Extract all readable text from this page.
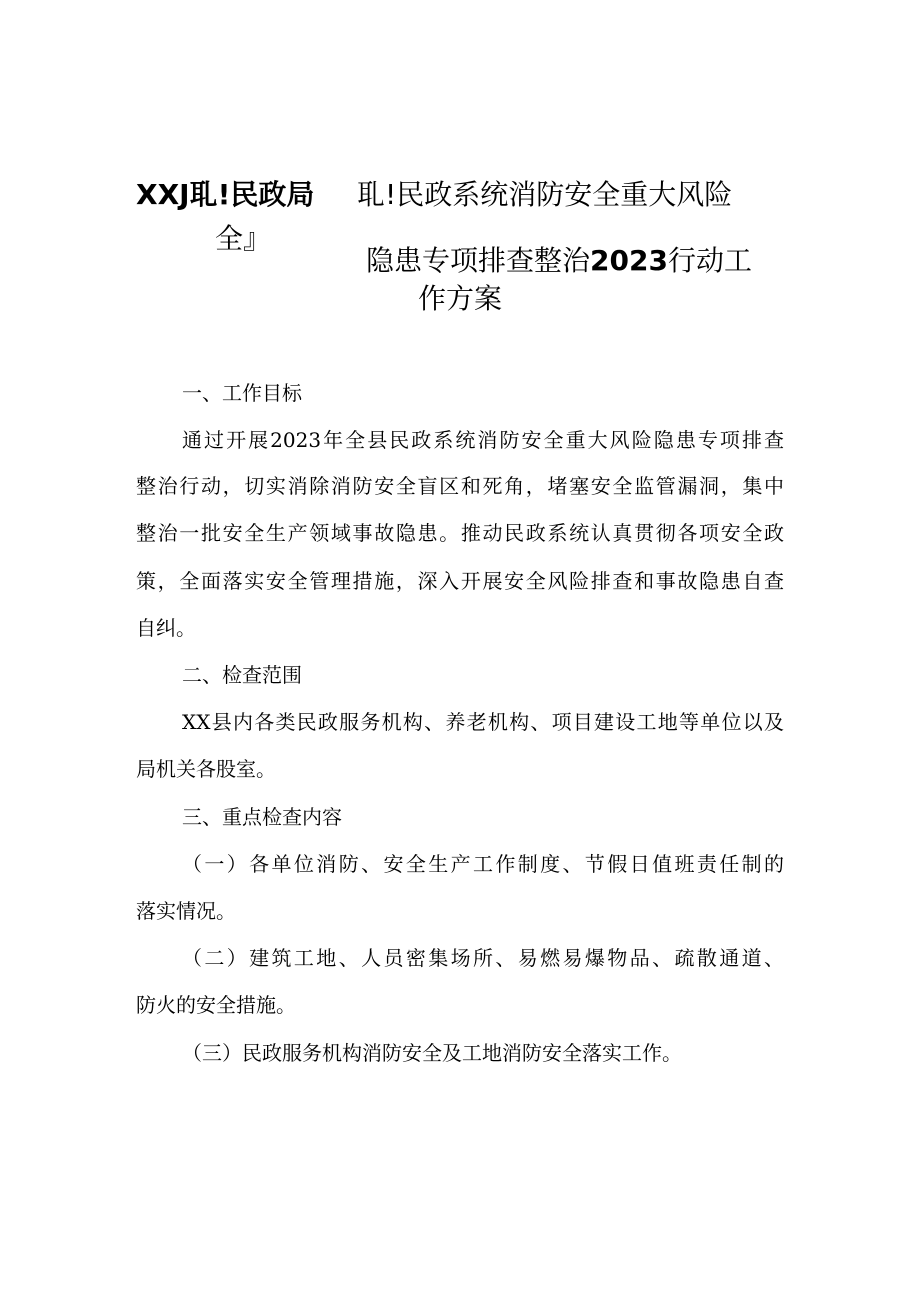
XXJ耴!民政局
全』
耴!民政系统消防安全重大风险
隐患专项排查整治2023行动工
作方案
一、工作目标
通过开展2023年全县民政系统消防安全重大风险隐患专项排查
整治行动，切实消除消防安全盲区和死角，堵塞安全监管漏洞，集中
整治一批安全生产领域事故隐患。推动民政系统认真贯彻各项安全政
策，全面落实安全管理措施，深入开展安全风险排查和事故隐患自查
自纠。
二、检查范围
XX县内各类民政服务机构、养老机构、项目建设工地等单位以及
局机关各股室。
三、重点检查内容
（一）各单位消防、安全生产工作制度、节假日值班责任制的
落实情况。
（二）建筑工地、人员密集场所、易燃易爆物品、疏散通道、
防火的安全措施。
（三）民政服务机构消防安全及工地消防安全落实工作。
